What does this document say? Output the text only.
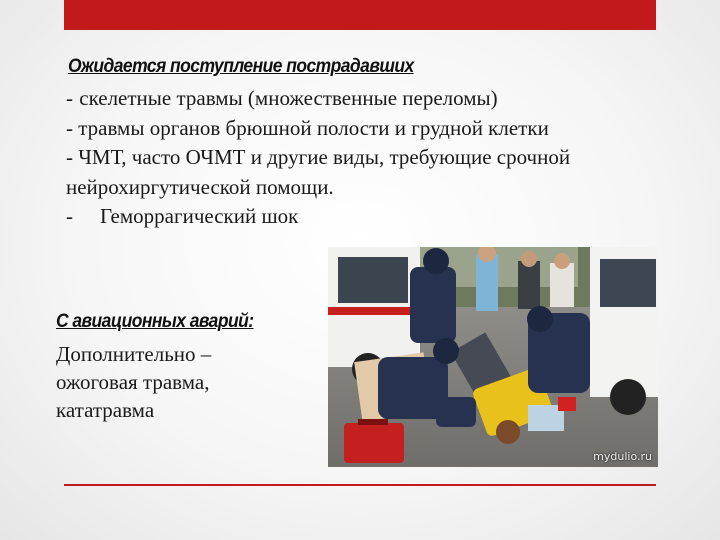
Ожидается поступление пострадавших
- скелетные травмы (множественные переломы)
- травмы органов брюшной полости и грудной клетки
- ЧМТ, часто ОЧМТ и другие виды, требующие срочной
нейрохиргутической помощи.
- Геморрагический шок
mydulio.ru
С авиационных аварий:
Дополнительно –
ожоговая травма,
кататравма
